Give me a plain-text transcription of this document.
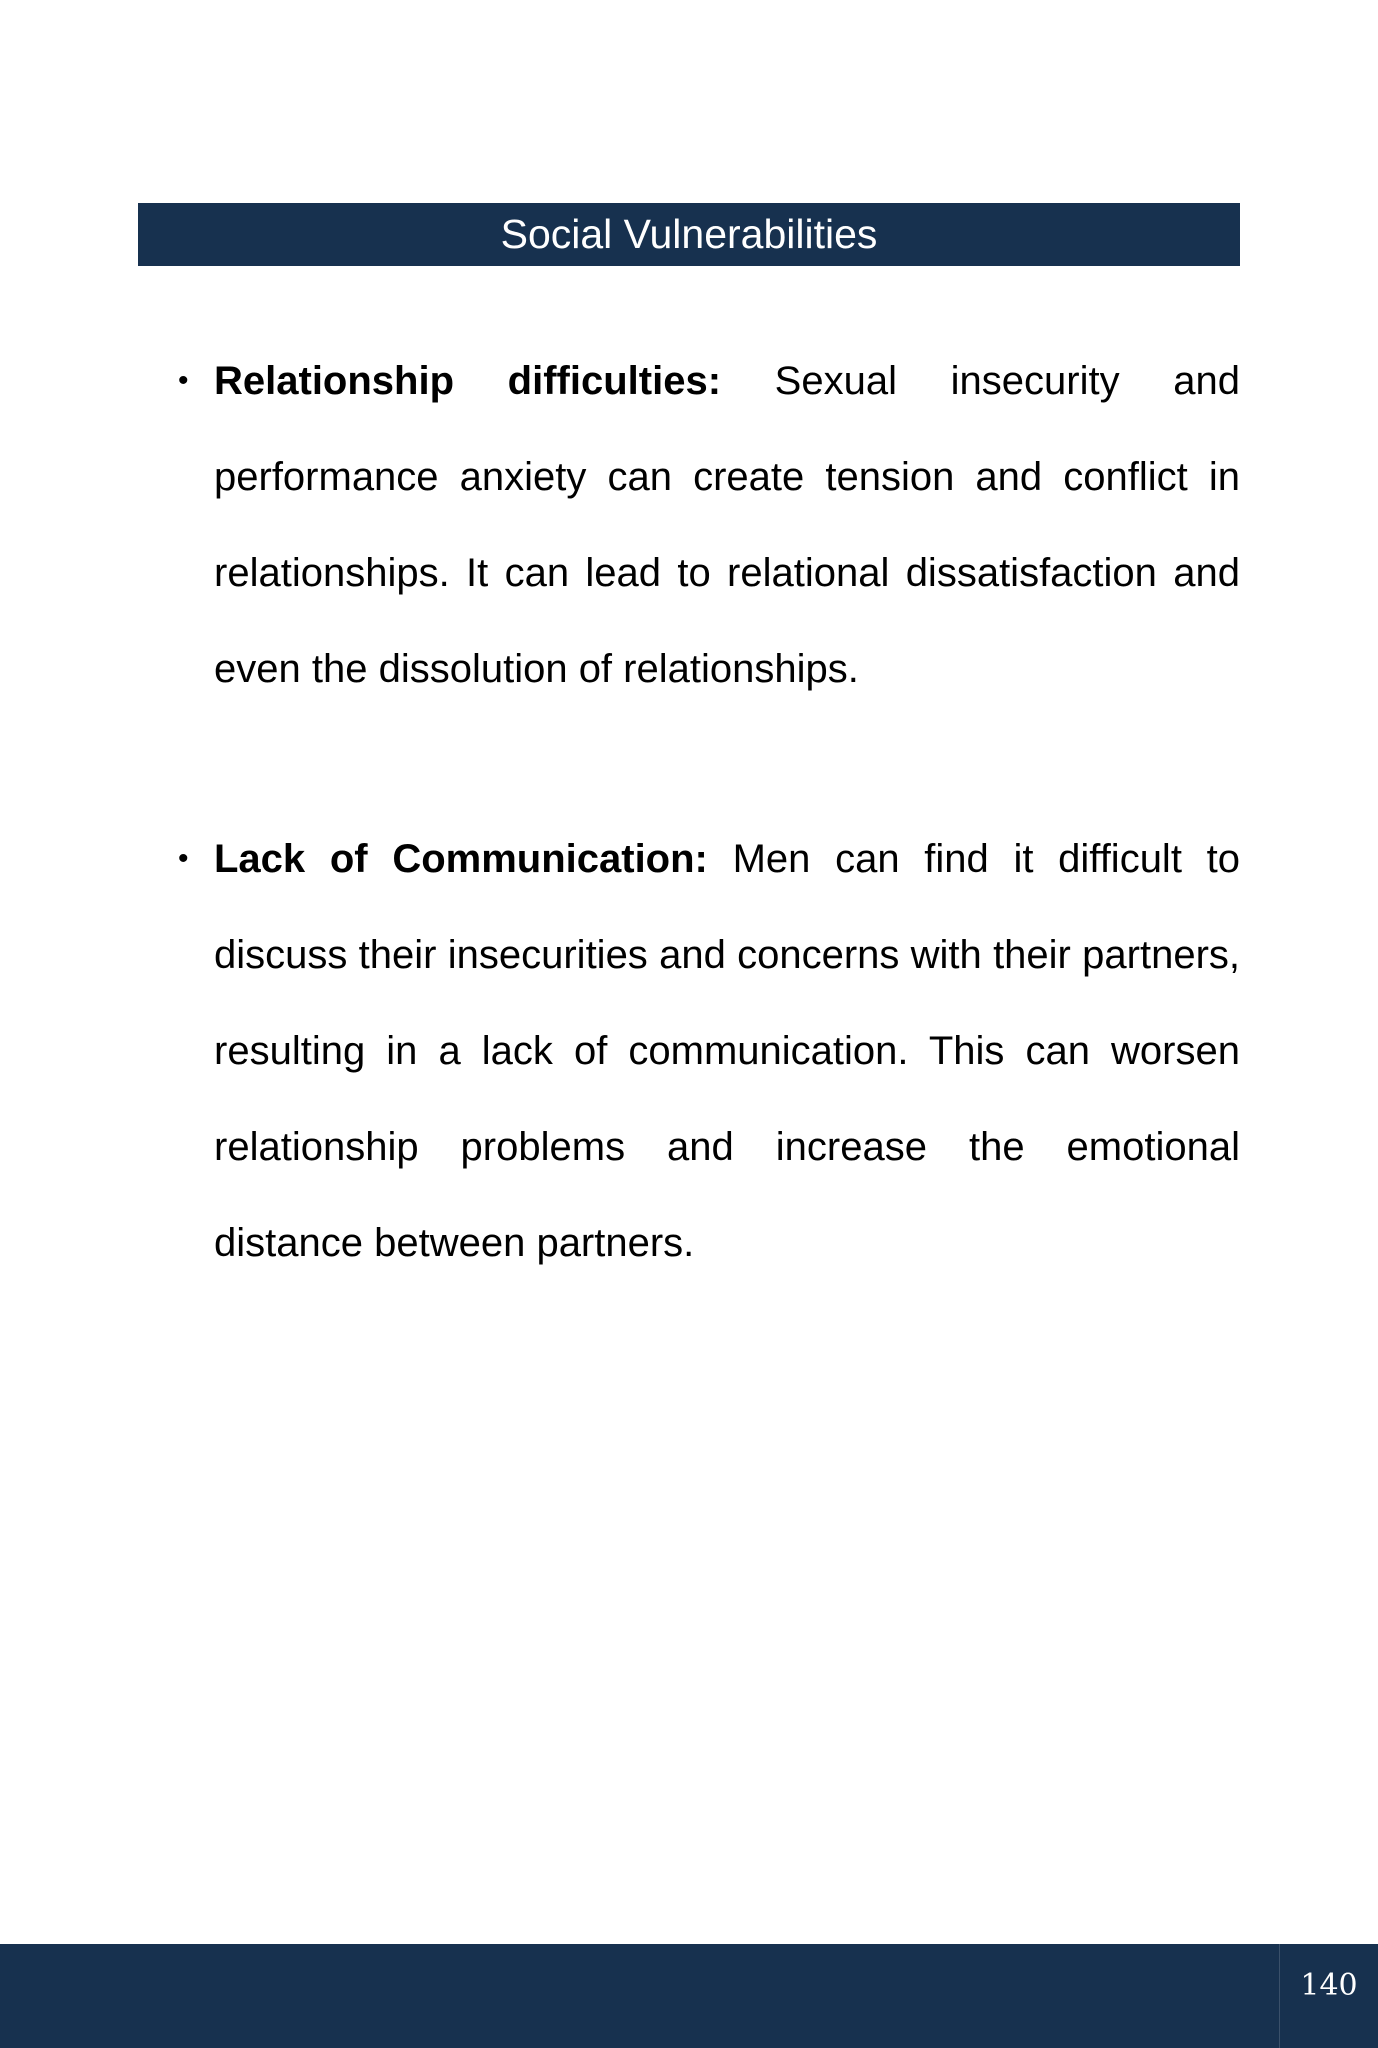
Social Vulnerabilities
• Relationship difficulties: Sexual insecurity and performance anxiety can create tension and conflict in relationships. It can lead to relational dissatisfaction and even the dissolution of relationships.
• Lack of Communication: Men can find it difficult to discuss their insecurities and concerns with their partners, resulting in a lack of communication. This can worsen relationship problems and increase the emotional distance between partners.
140
